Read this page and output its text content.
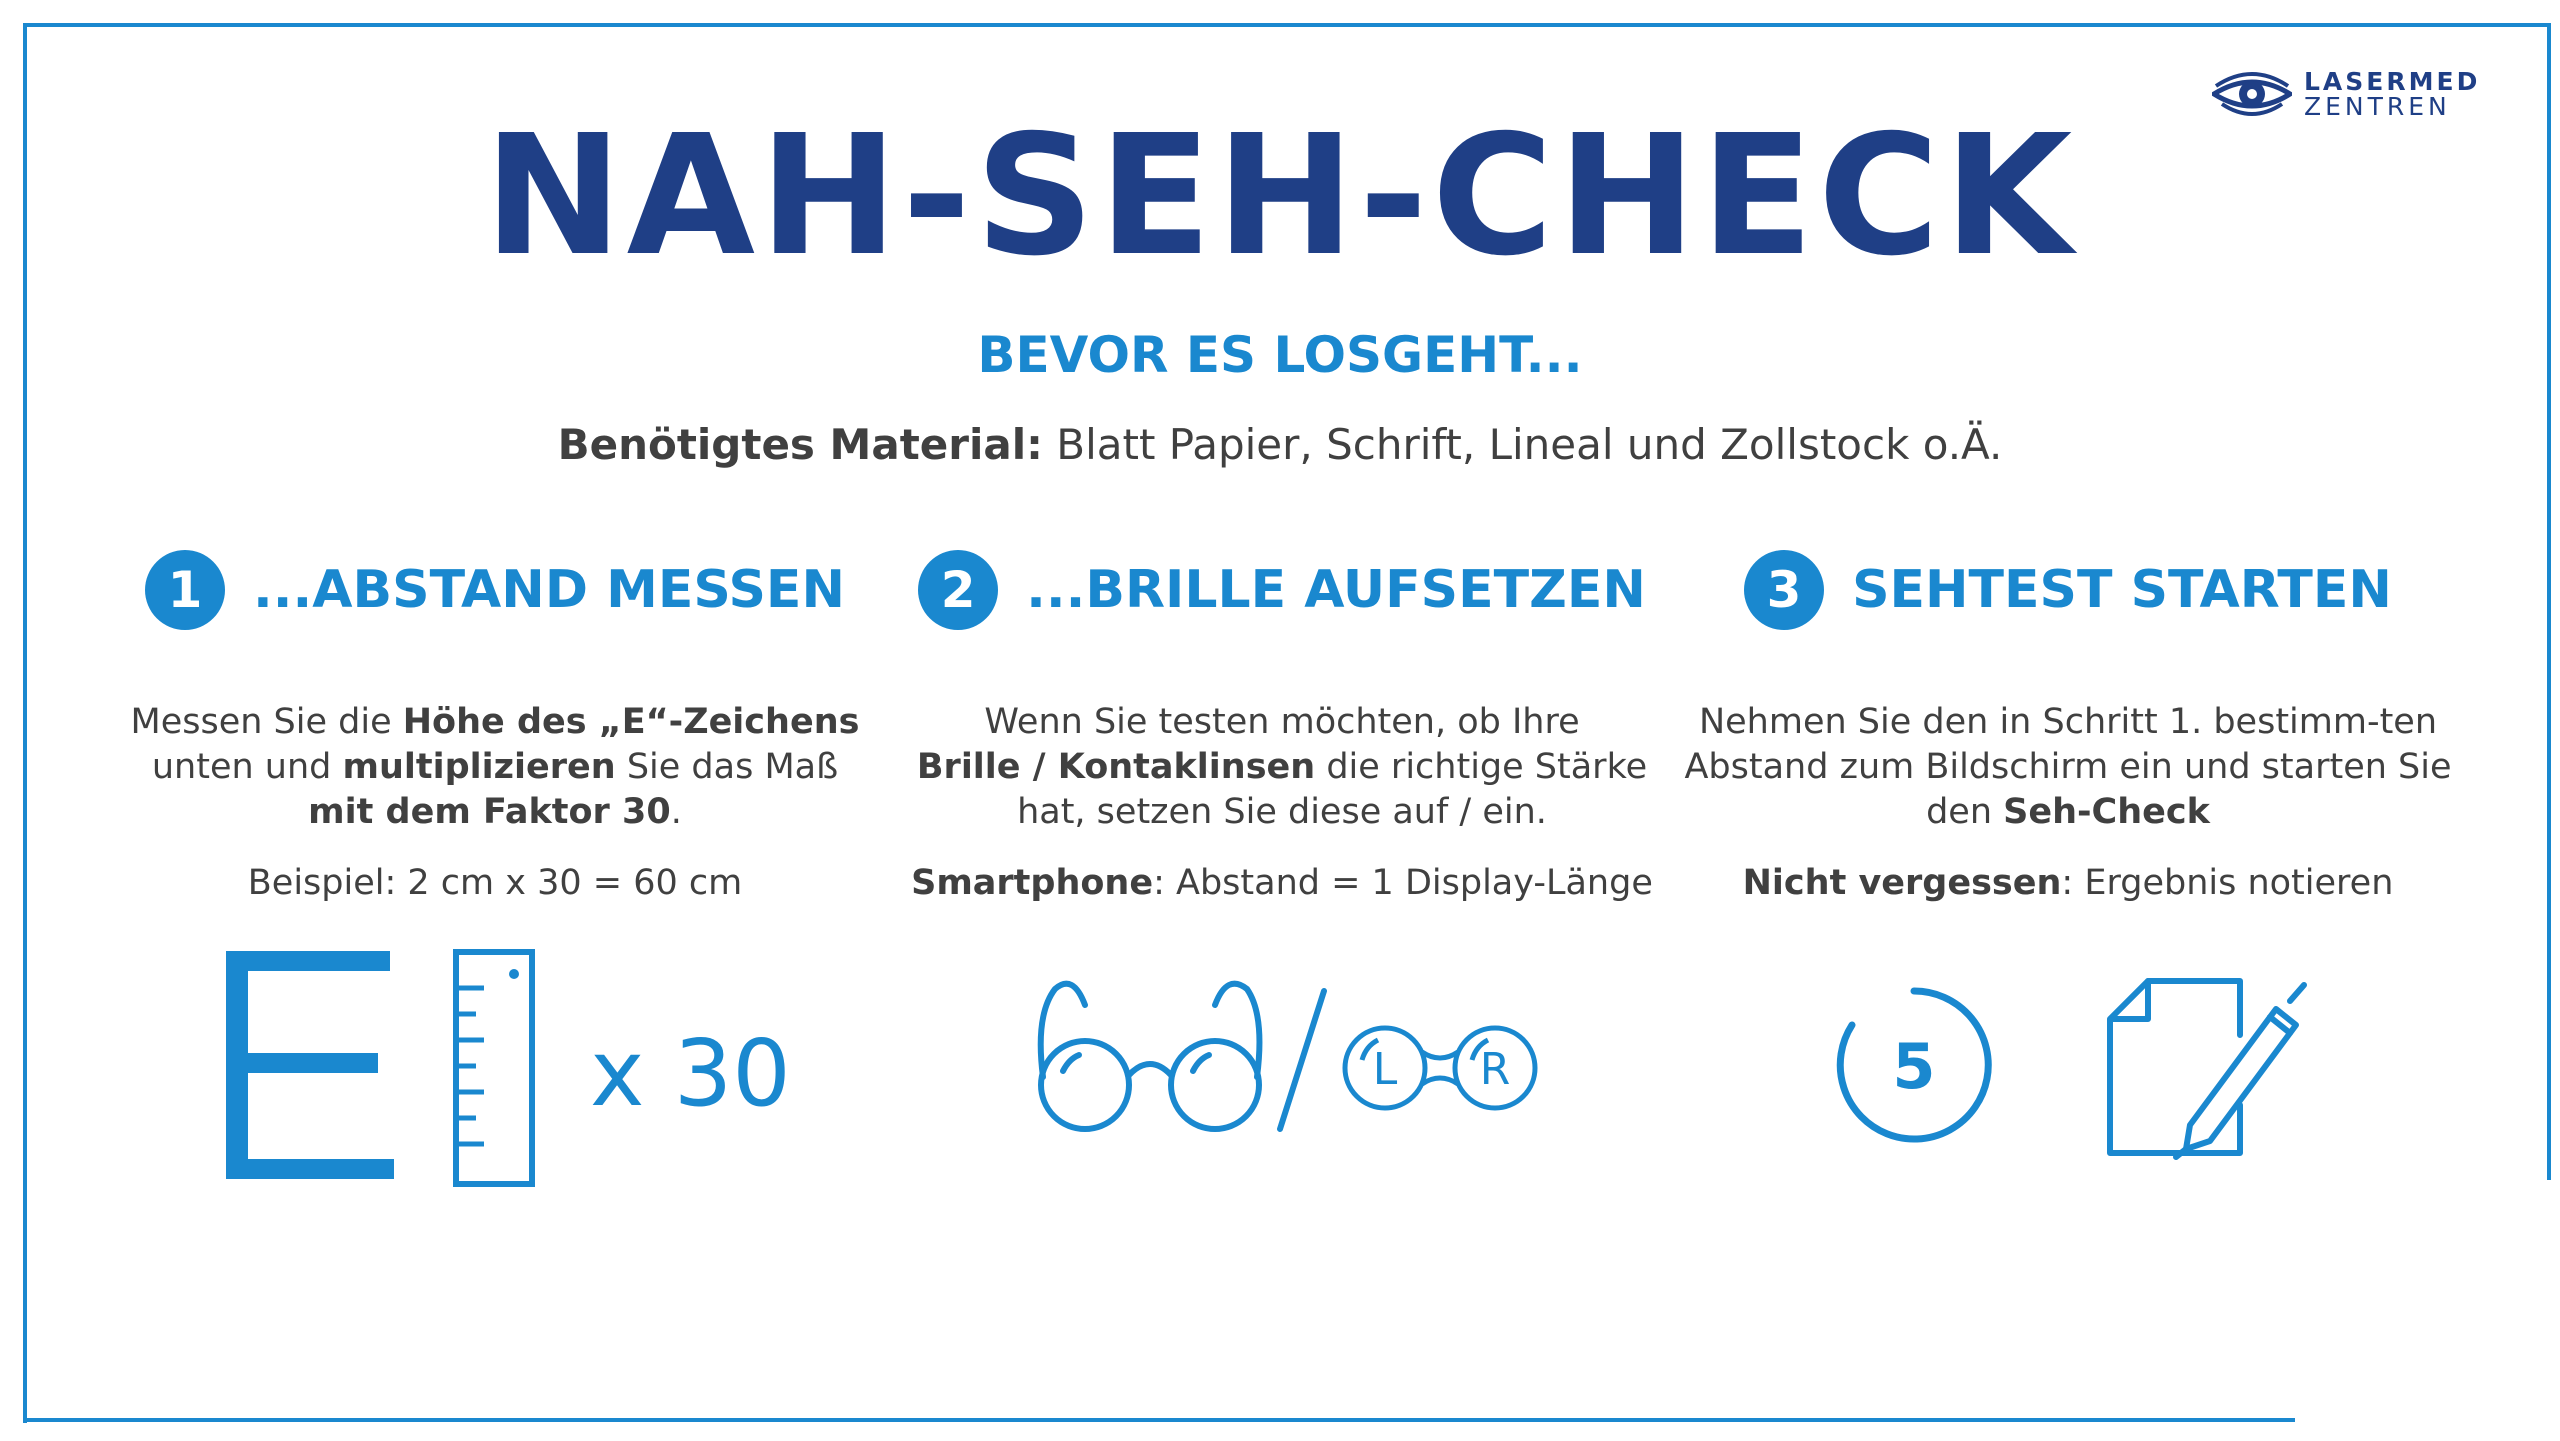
LASERMED
ZENTREN
NAH-SEH-CHECK
BEVOR ES LOSGEHT...
Benötigtes Material: Blatt Papier, Schrift, Lineal und Zollstock o.Ä.
1 ...ABSTAND MESSEN
Messen Sie die Höhe des „E“-Zeichens unten und multiplizieren Sie das Maß
mit dem Faktor 30.
Beispiel: 2 cm x 30 = 60 cm
2 ...BRILLE AUFSETZEN
Wenn Sie testen möchten, ob Ihre
Brille / Kontaklinsen die richtige Stärke hat, setzen Sie diese auf / ein.
Smartphone: Abstand = 1 Display-Länge
3 SEHTEST STARTEN
Nehmen Sie den in Schritt 1. bestimm-ten Abstand zum Bildschirm ein und starten Sie den Seh-Check
Nicht vergessen: Ergebnis notieren
x 30	L R	5
